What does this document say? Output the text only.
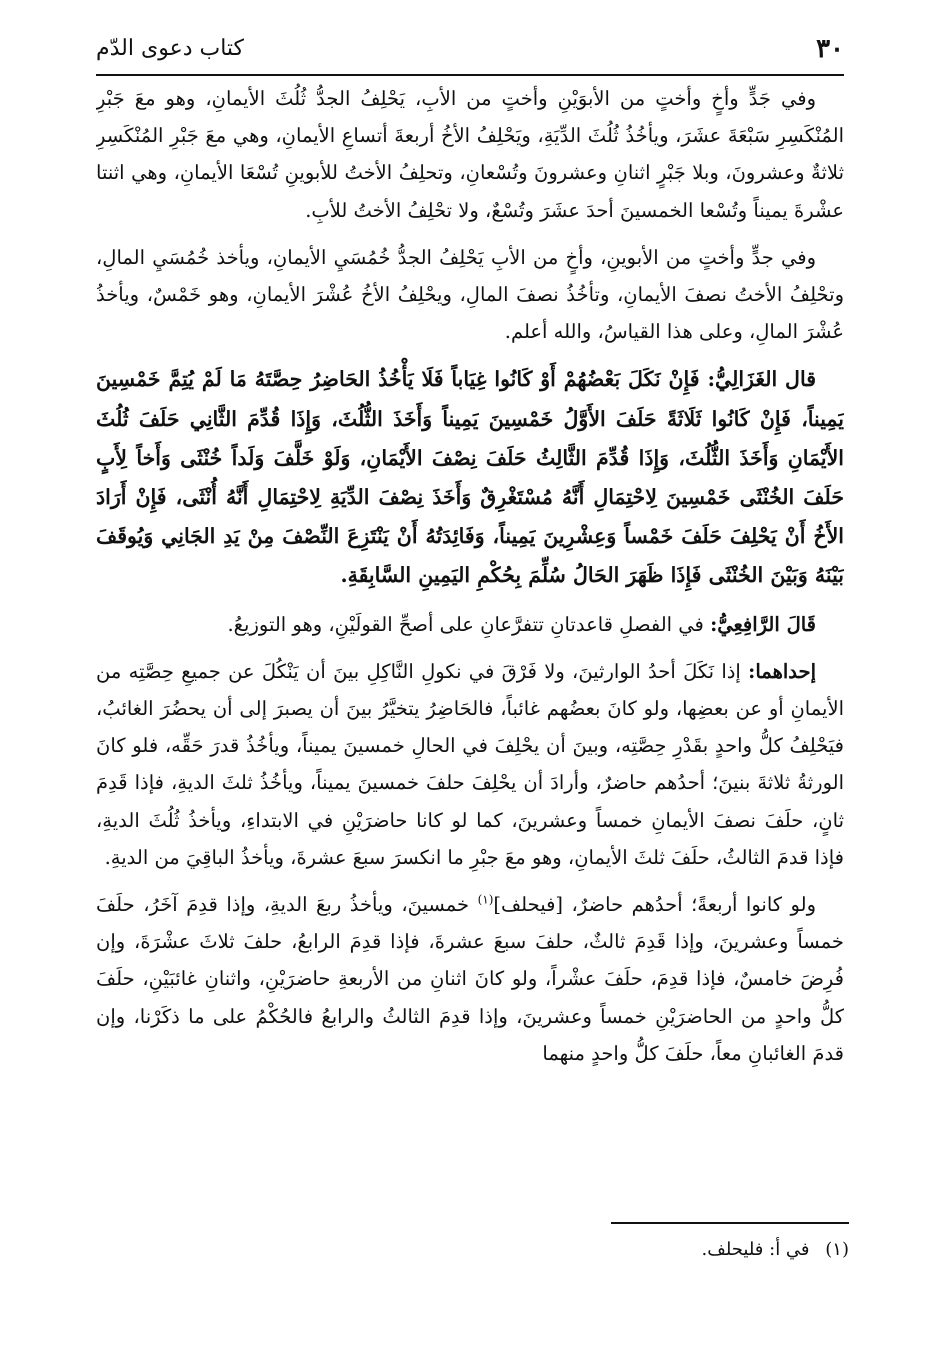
٣٠
كتاب دعوى الدّم

وفي جَدٍّ وأخٍ وأختٍ من الأبوَيْنِ وأختٍ من الأبِ، يَحْلِفُ الجدُّ ثُلُثَ الأيمانِ، وهو معَ جَبْرِ المُنْكَسِرِ سَبْعَةَ عشَرَ، ويأخُذُ ثُلُثَ الدِّيَةِ، ويَحْلِفُ الأخُ أربعةَ أتساعِ الأيمانِ، وهي معَ جَبْرِ المُنْكَسِرِ ثلاثةٌ وعشرونَ، وبلا جَبْرٍ اثنانِ وعشرونَ وتُسْعانِ، وتحلِفُ الأختُ للأبوينِ تُسْعَا الأيمانِ، وهي اثنتا عشْرةَ يميناً وتُسْعا الخمسينَ أحدَ عشَرَ وتُسْعٌ، ولا تحْلِفُ الأختُ للأبِ.

وفي جدٍّ وأختٍ من الأبوينِ، وأخٍ من الأبِ يَحْلِفُ الجدُّ خُمُسَيِ الأيمانِ، ويأخذ خُمُسَيِ المالِ، وتحْلِفُ الأختُ نصفَ الأيمانِ، وتأخُذُ نصفَ المالِ، ويحْلِفُ الأخُ عُشْرَ الأيمانِ، وهو خَمْسٌ، ويأخذُ عُشْرَ المالِ، وعلى هذا القياسُ، والله أعلم.

قال الغَزَالِيُّ: فَإِنْ نَكَلَ بَعْضُهُمْ أَوْ كَانُوا غِيَاباً فَلَا يَأْخُذُ الحَاضِرُ حِصَّتَهُ مَا لَمْ يُتِمَّ خَمْسِينَ يَمِيناً، فَإِنْ كَانُوا ثَلَاثَةً حَلَفَ الأَوَّلُ خَمْسِينَ يَمِيناً وَأَخَذَ الثُّلُثَ، وَإِذَا قُدِّمَ الثَّانِي حَلَفَ ثُلُثَ الأَيْمَانِ وَأَخَذَ الثُّلُثَ، وَإِذَا قُدِّمَ الثَّالِثُ حَلَفَ نِصْفَ الأَيْمَانِ، وَلَوْ خَلَّفَ وَلَداً خُنْثَى وَأَخاً لِأَبٍ حَلَفَ الخُنْثَى خَمْسِينَ لِاحْتِمَالِ أَنَّهُ مُسْتَغْرِقٌ وَأَخَذَ نِصْفَ الدِّيَةِ لِاحْتِمَالِ أَنَّهُ أُنْثَى، فَإِنْ أَرَادَ الأَخُ أَنْ يَحْلِفَ حَلَفَ خَمْساً وَعِشْرِينَ يَمِيناً، وَفَائِدَتُهُ أَنْ يَنْتَزِعَ النِّصْفَ مِنْ يَدِ الجَانِي وَيُوقَفَ بَيْنَهُ وَبَيْنَ الخُنْثَى فَإِذَا ظَهَرَ الحَالُ سُلِّمَ بِحُكْمِ اليَمِينِ السَّابِقَةِ.

قَالَ الرَّافِعِيُّ: في الفصلِ قاعدتانِ تتفرَّعانِ على أصحِّ القولَيْنِ، وهو التوزيعُ.

إحداهما: إذا نَكَلَ أحدُ الوارثينَ، ولا فَرْقَ في نكولِ النَّاكِلِ بينَ أن يَنْكُلَ عن جميعِ حِصَّتِه من الأيمانِ أو عن بعضِها، ولو كانَ بعضُهم غائباً، فالحَاضِرُ يتخيَّرُ بينَ أن يصبرَ إلى أن يحضُرَ الغائبُ، فيَحْلِفُ كلُّ واحدٍ بقَدْرِ حِصَّتِه، وبينَ أن يحْلِفَ في الحالِ خمسينَ يميناً، ويأخُذُ قدرَ حَقِّه، فلو كانَ الورثةُ ثلاثةَ بنينَ؛ أحدُهم حاضرٌ، وأرادَ أن يحْلِفَ حلفَ خمسينَ يميناً، ويأخُذُ ثلثَ الديةِ، فإذا قَدِمَ ثانٍ، حلَفَ نصفَ الأيمانِ خمساً وعشرينَ، كما لو كانا حاضرَيْنِ في الابتداءِ، ويأخذُ ثُلُثَ الديةِ، فإذا قدمَ الثالثُ، حلَفَ ثلثَ الأيمانِ، وهو معَ جبْرِ ما انكسرَ سبعَ عشرةَ، ويأخذُ الباقِيَ من الديةِ.

ولو كانوا أربعةً؛ أحدُهم حاضرٌ، [فيحلف]$^{(١)}$ خمسينَ، ويأخذُ ربعَ الديةِ، وإذا قدِمَ آخَرُ، حلَفَ خمساً وعشرينَ، وإذا قَدِمَ ثالثٌ، حلفَ سبعَ عشرةَ، فإذا قدِمَ الرابعُ، حلفَ ثلاثَ عشْرَةَ، وإن فُرِضَ خامسٌ، فإذا قدِمَ، حلَفَ عشْراً، ولو كانَ اثنانِ من الأربعةِ حاضرَيْنِ، واثنانِ غائبَيْنِ، حلَفَ كلُّ واحدٍ من الحاضرَيْنِ خمساً وعشرينَ، وإذا قدِمَ الثالثُ والرابعُ فالحُكْمُ على ما ذكَرْنا، وإن قدمَ الغائبانِ معاً، حلَفَ كلُّ واحدٍ منهما

(١) في أ: فليحلف.
